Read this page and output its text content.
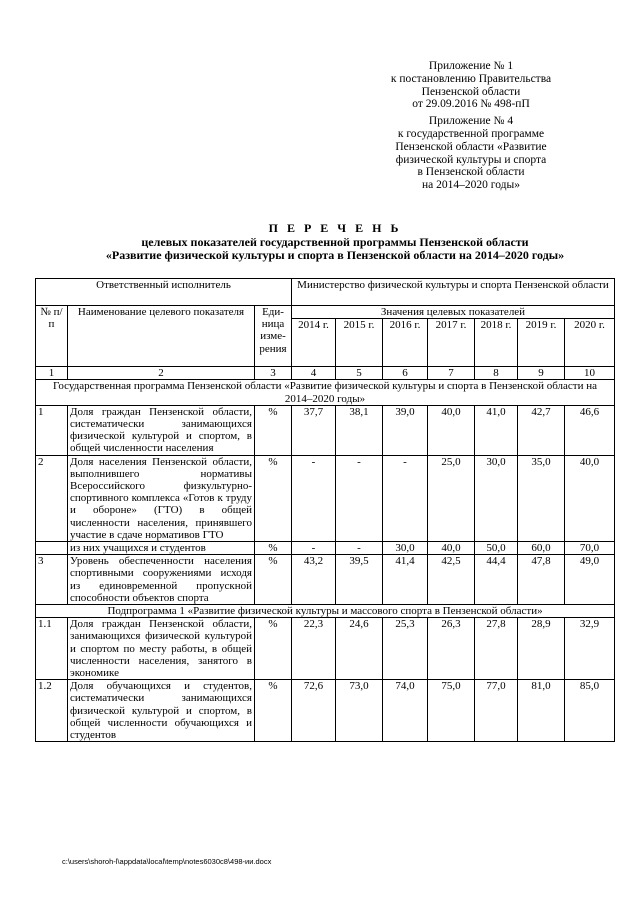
Приложение № 1
к постановлению Правительства
Пензенской области
от 29.09.2016 № 498-пП
Приложение № 4
к государственной программе
Пензенской области «Развитие
физической культуры и спорта
в Пензенской области
на 2014–2020 годы»
П Е Р Е Ч Е Н Ь
целевых показателей государственной программы Пензенской области
«Развитие физической культуры и спорта в Пензенской области на 2014–2020 годы»
Ответственный исполнитель			Министерство физической культуры и спорта Пензенской области						
№ п/п	Наименование целевого показателя	Еди-ница изме-рения	Значения целевых показателей						
			2014 г.	2015 г.	2016 г.	2017 г.	2018 г.	2019 г.	2020 г.
1	2	3	4	5	6	7	8	9	10
Государственная программа Пензенской области «Развитие физической культуры и спорта в Пензенской области на 2014–2020 годы»									
1	Доля граждан Пензенской области, систематически занимающихся физической культурой и спортом, в общей численности населения	%	37,7	38,1	39,0	40,0	41,0	42,7	46,6
2	Доля населения Пензенской области, выполнившего нормативы Всероссийского физкультурно-спортивного комплекса «Готов к труду и обороне» (ГТО) в общей численности населения, принявшего участие в сдаче нормативов ГТО	%	-	-	-	25,0	30,0	35,0	40,0
	из них учащихся и студентов	%	-	-	30,0	40,0	50,0	60,0	70,0
3	Уровень обеспеченности населения спортивными сооружениями исходя из единовременной пропускной способности объектов спорта	%	43,2	39,5	41,4	42,5	44,4	47,8	49,0
Подпрограмма 1 «Развитие физической культуры и массового спорта в Пензенской области»									
1.1	Доля граждан Пензенской области, занимающихся физической культурой и спортом по месту работы, в общей численности населения, занятого в экономике	%	22,3	24,6	25,3	26,3	27,8	28,9	32,9
1.2	Доля обучающихся и студентов, систематически занимающихся физической культурой и спортом, в общей численности обучающихся и студентов	%	72,6	73,0	74,0	75,0	77,0	81,0	85,0
c:\users\shoroh-l\appdata\local\temp\notes6030c8\498-ии.docx
